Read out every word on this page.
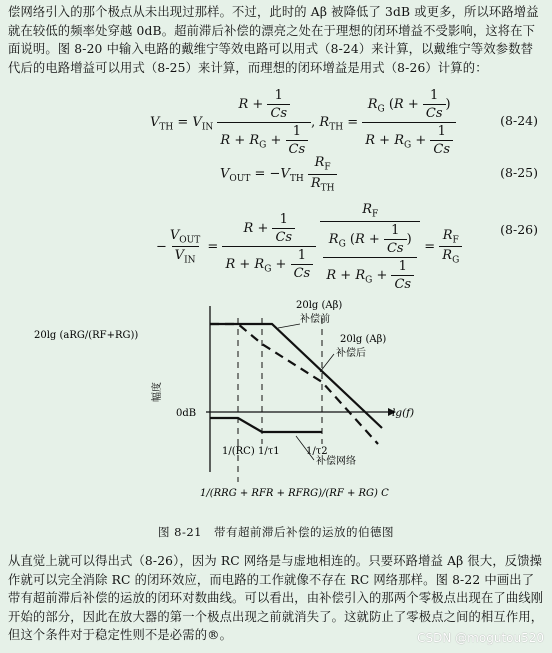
偿网络引入的那个极点从未出现过那样。不过，此时的 Aβ 被降低了 3dB 或更多，所以环路增益就在较低的频率处穿越 0dB。超前滞后补偿的漂亮之处在于理想的闭环增益不受影响，这将在下面说明。图 8-20 中输入电路的戴维宁等效电路可以用式（8-24）来计算，以戴维宁等效参数替代后的电路增益可以用式（8-25）来计算，而理想的闭环增益是用式（8-26）计算的：
$V_{TH} = V_{IN} \frac{R + \frac{1}{Cs}}{R + R_G + \frac{1}{Cs}}$ , $R_{TH} = \frac{R_G (R + \frac{1}{Cs} )}{R + R_G + \frac{1}{Cs}}$	(8-24)
$V_{OUT} = -V_{TH} \frac{R_F}{R_{TH}}$	(8-25)
− $\frac{V_{OUT}}{V_{IN}} = \frac{R + \frac{1}{Cs}}{R + R_G + \frac{1}{Cs}}$
$\frac{R_F}{\frac{R_G (R + \frac{1}{Cs} )}{R + R_G + \frac{1}{Cs}}} = \frac{R_F}{R_G}$	(8-26)
20lg (aRG/(RF+RG))
0dB
幅度
lg(f)
20lg (Aβ)
补偿前
20lg (Aβ)
补偿后
补偿网络
1/(RC) 1/τ1	1/τ2
1/(RRG + RFR + RFRG)/(RF + RG) C
图 8-21　带有超前滞后补偿的运放的伯德图
从直觉上就可以得出式（8-26），因为 RC 网络是与虚地相连的。只要环路增益 Aβ 很大，反馈操作就可以完全消除 RC 的闭环效应，而电路的工作就像不存在 RC 网络那样。图 8-22 中画出了带有超前滞后补偿的运放的闭环对数曲线。可以看出，由补偿引入的那两个零极点出现在了曲线刚开始的部分，因此在放大器的第一个极点出现之前就消失了。这就防止了零极点之间的相互作用，但这个条件对于稳定性则不是必需的®。	CSDN @mogutou520
